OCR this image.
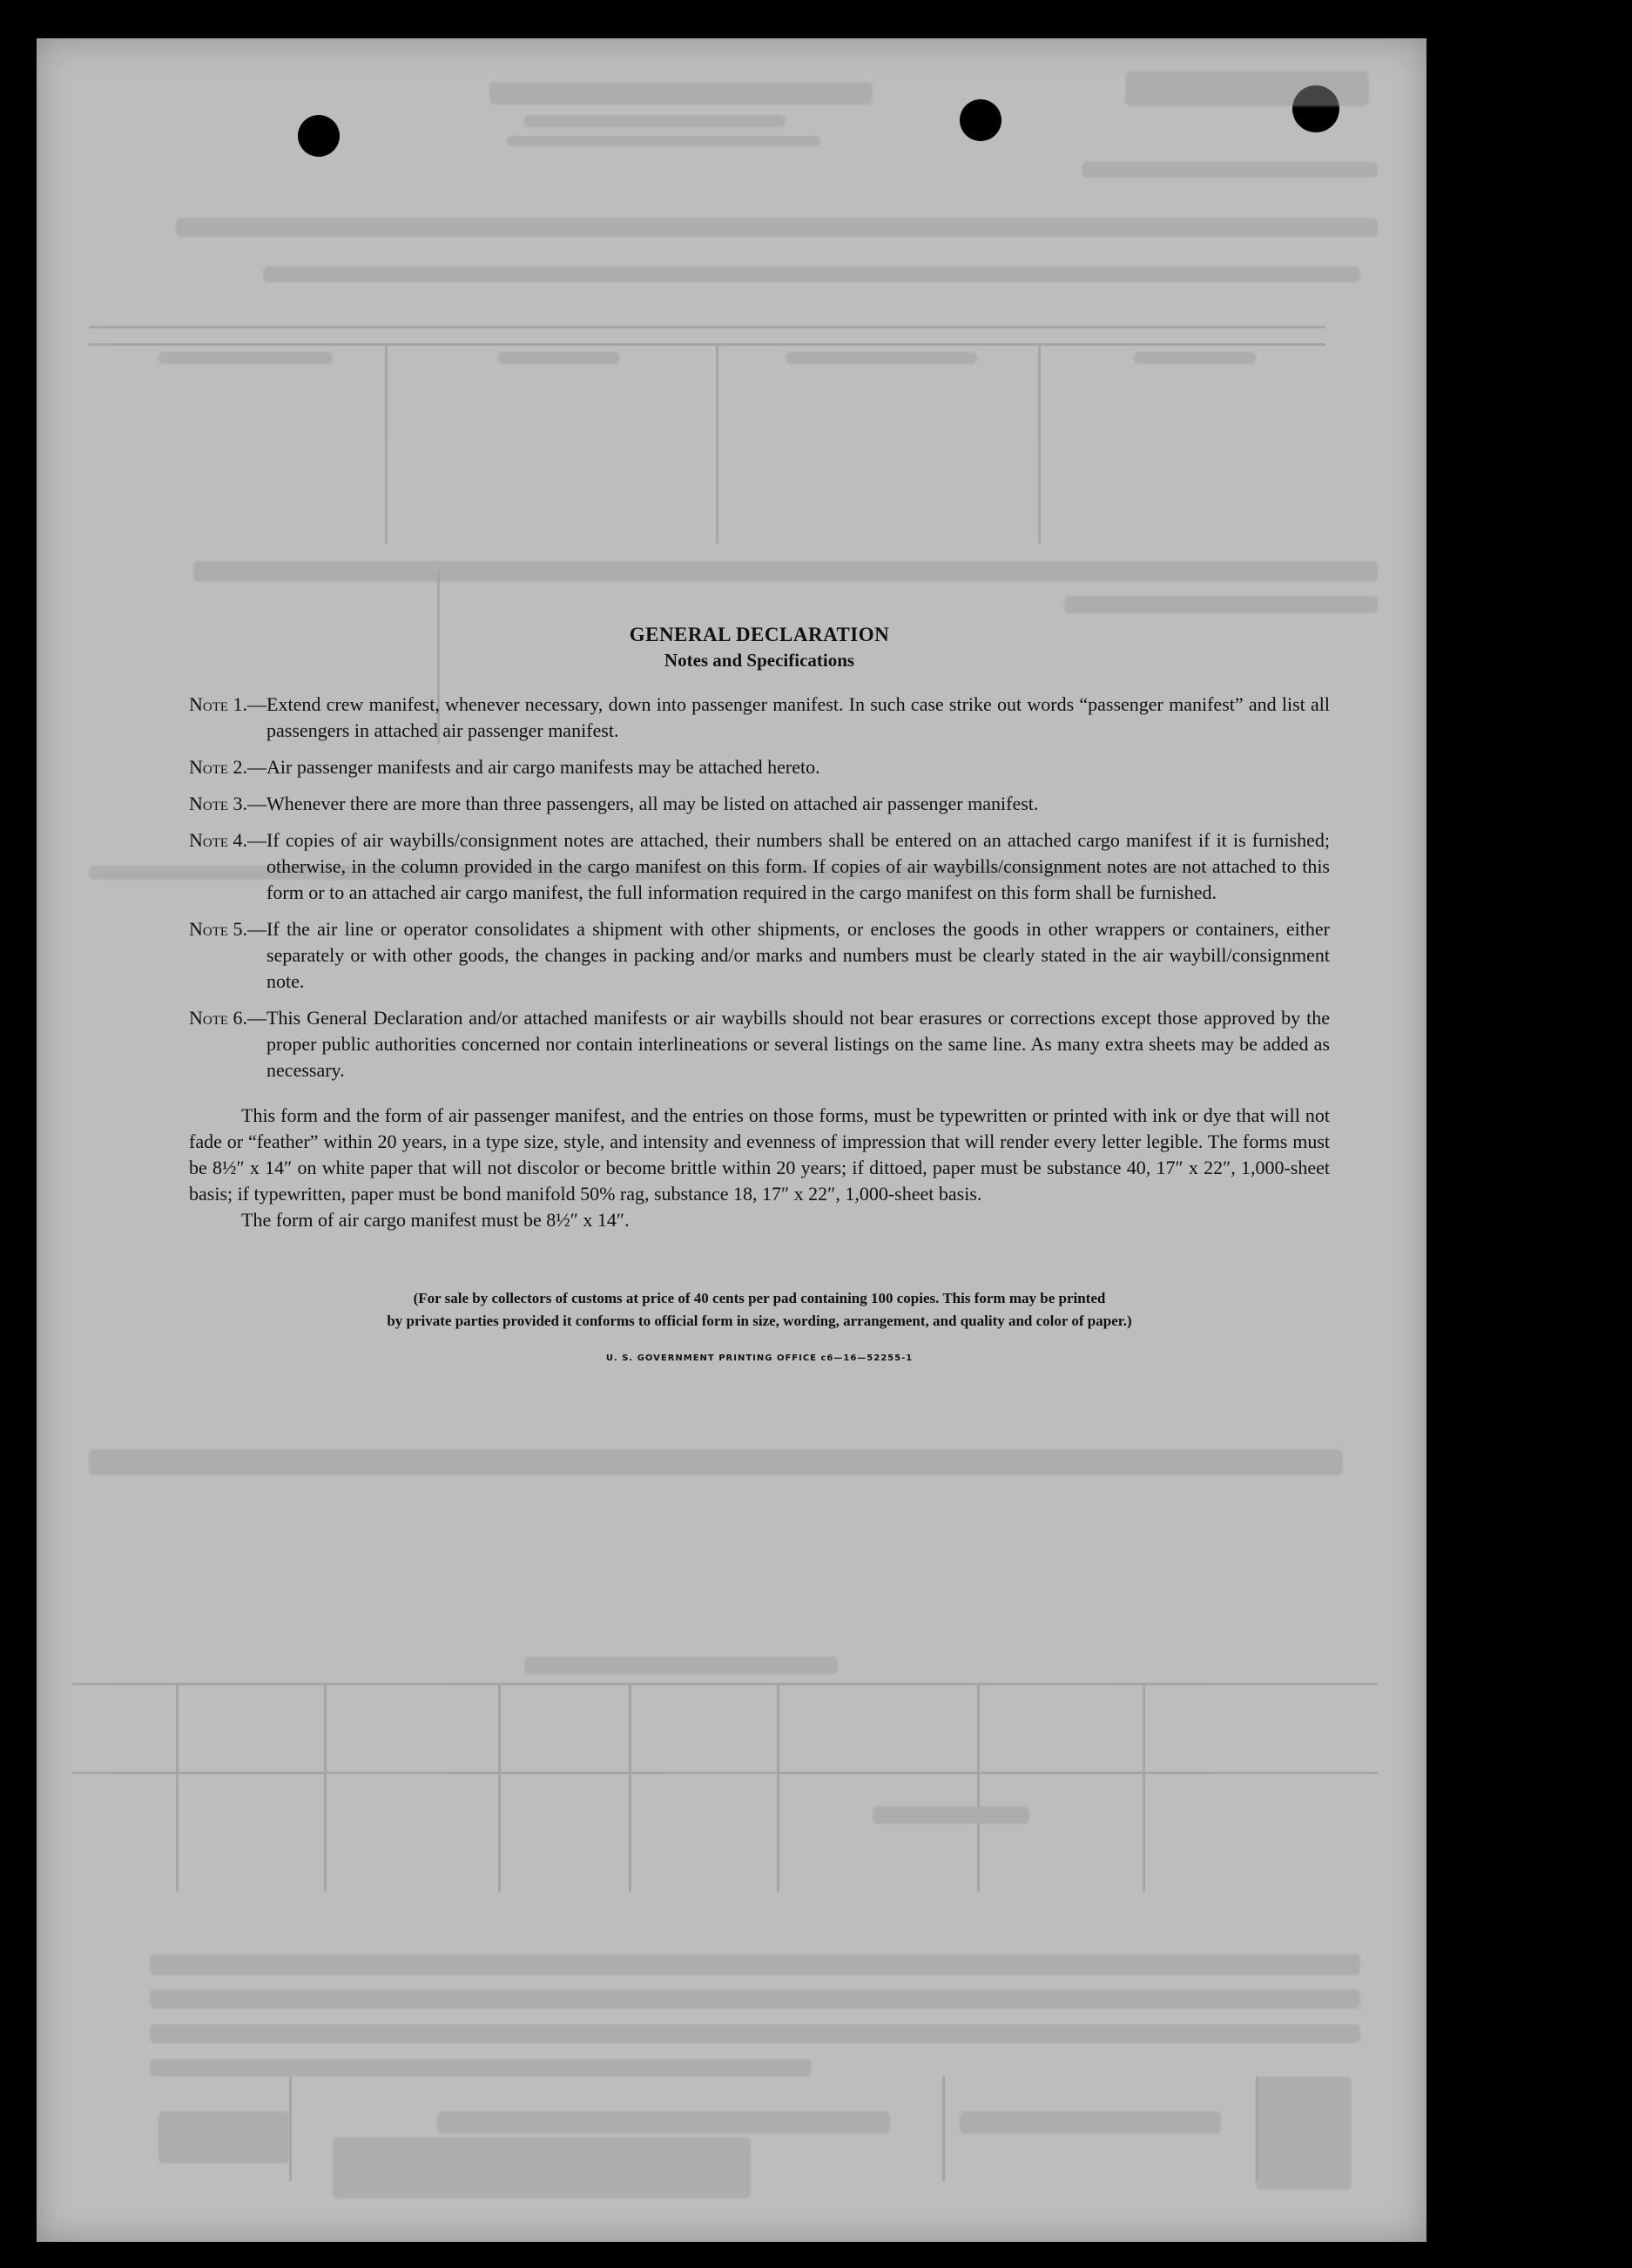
GENERAL DECLARATION

Notes and Specifications

Note 1.— Extend crew manifest, whenever necessary, down into passenger manifest. In such case strike out words “passenger manifest” and list all passengers in attached air passenger manifest.
Note 2.— Air passenger manifests and air cargo manifests may be attached hereto.
Note 3.— Whenever there are more than three passengers, all may be listed on attached air passenger manifest.
Note 4.— If copies of air waybills/consignment notes are attached, their numbers shall be entered on an attached cargo manifest if it is furnished; otherwise, in the column provided in the cargo manifest on this form. If copies of air waybills/consignment notes are not attached to this form or to an attached air cargo manifest, the full information required in the cargo manifest on this form shall be furnished.
Note 5.— If the air line or operator consolidates a shipment with other shipments, or encloses the goods in other wrappers or containers, either separately or with other goods, the changes in packing and/or marks and numbers must be clearly stated in the air waybill/consignment note.
Note 6.— This General Declaration and/or attached manifests or air waybills should not bear erasures or corrections except those approved by the proper public authorities concerned nor contain interlineations or several listings on the same line. As many extra sheets may be added as necessary.
This form and the form of air passenger manifest, and the entries on those forms, must be typewritten or printed with ink or dye that will not fade or “feather” within 20 years, in a type size, style, and intensity and evenness of impression that will render every letter legible. The forms must be 8½″ x 14″ on white paper that will not discolor or become brittle within 20 years; if dittoed, paper must be substance 40, 17″ x 22″, 1,000-sheet basis; if typewritten, paper must be bond manifold 50% rag, substance 18, 17″ x 22″, 1,000-sheet basis.
The form of air cargo manifest must be 8½″ x 14″.
(For sale by collectors of customs at price of 40 cents per pad containing 100 copies. This form may be printed
by private parties provided it conforms to official form in size, wording, arrangement, and quality and color of paper.)
U. S. GOVERNMENT PRINTING OFFICE c6—16—52255-1
